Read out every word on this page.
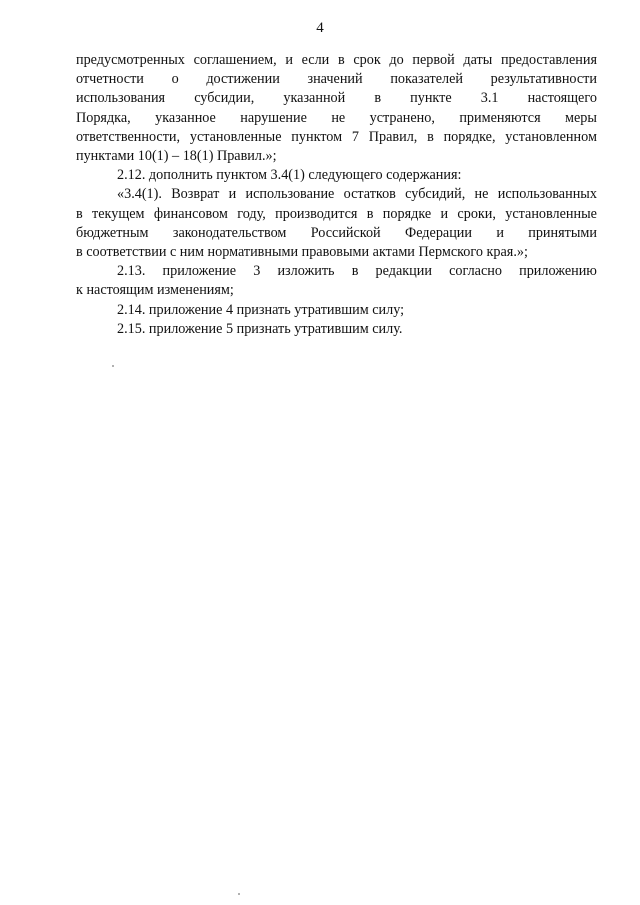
4
предусмотренных соглашением, и если в срок до первой даты предоставления
отчетности о достижении значений показателей результативности
использования субсидии, указанной в пункте 3.1 настоящего
Порядка, указанное нарушение не устранено, применяются меры
ответственности, установленные пунктом 7 Правил, в порядке, установленном
пунктами 10(1) – 18(1) Правил.»;
2.12. дополнить пунктом 3.4(1) следующего содержания:
«3.4(1). Возврат и использование остатков субсидий, не использованных
в текущем финансовом году, производится в порядке и сроки, установленные
бюджетным законодательством Российской Федерации и принятыми
в соответствии с ним нормативными правовыми актами Пермского края.»;
2.13. приложение 3 изложить в редакции согласно приложению
к настоящим изменениям;
2.14. приложение 4 признать утратившим силу;
2.15. приложение 5 признать утратившим силу.
